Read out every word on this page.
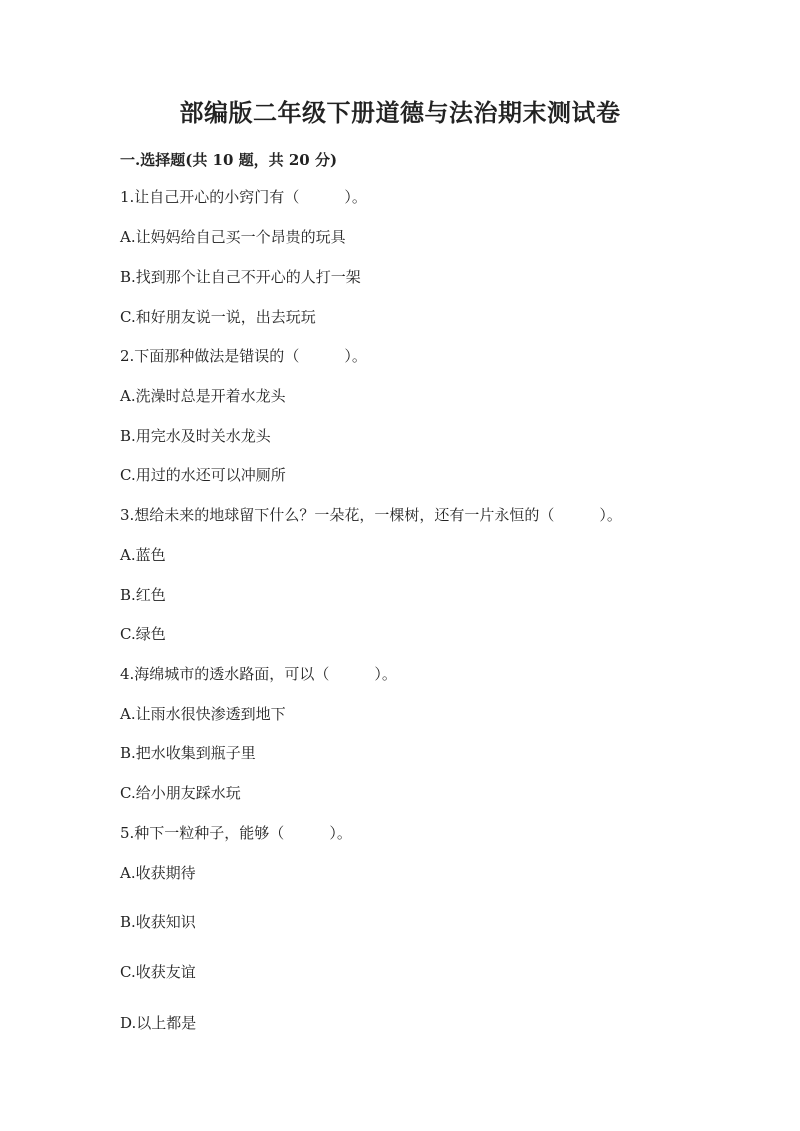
部编版二年级下册道德与法治期末测试卷
一.选择题(共 10 题，共 20 分)
1.让自己开心的小窍门有（　　　）。
A.让妈妈给自己买一个昂贵的玩具
B.找到那个让自己不开心的人打一架
C.和好朋友说一说，出去玩玩
2.下面那种做法是错误的（　　　）。
A.洗澡时总是开着水龙头
B.用完水及时关水龙头
C.用过的水还可以冲厕所
3.想给未来的地球留下什么？一朵花，一棵树，还有一片永恒的（　　　）。
A.蓝色
B.红色
C.绿色
4.海绵城市的透水路面，可以（　　　）。
A.让雨水很快渗透到地下
B.把水收集到瓶子里
C.给小朋友踩水玩
5.种下一粒种子，能够（　　　）。
A.收获期待
B.收获知识
C.收获友谊
D.以上都是
